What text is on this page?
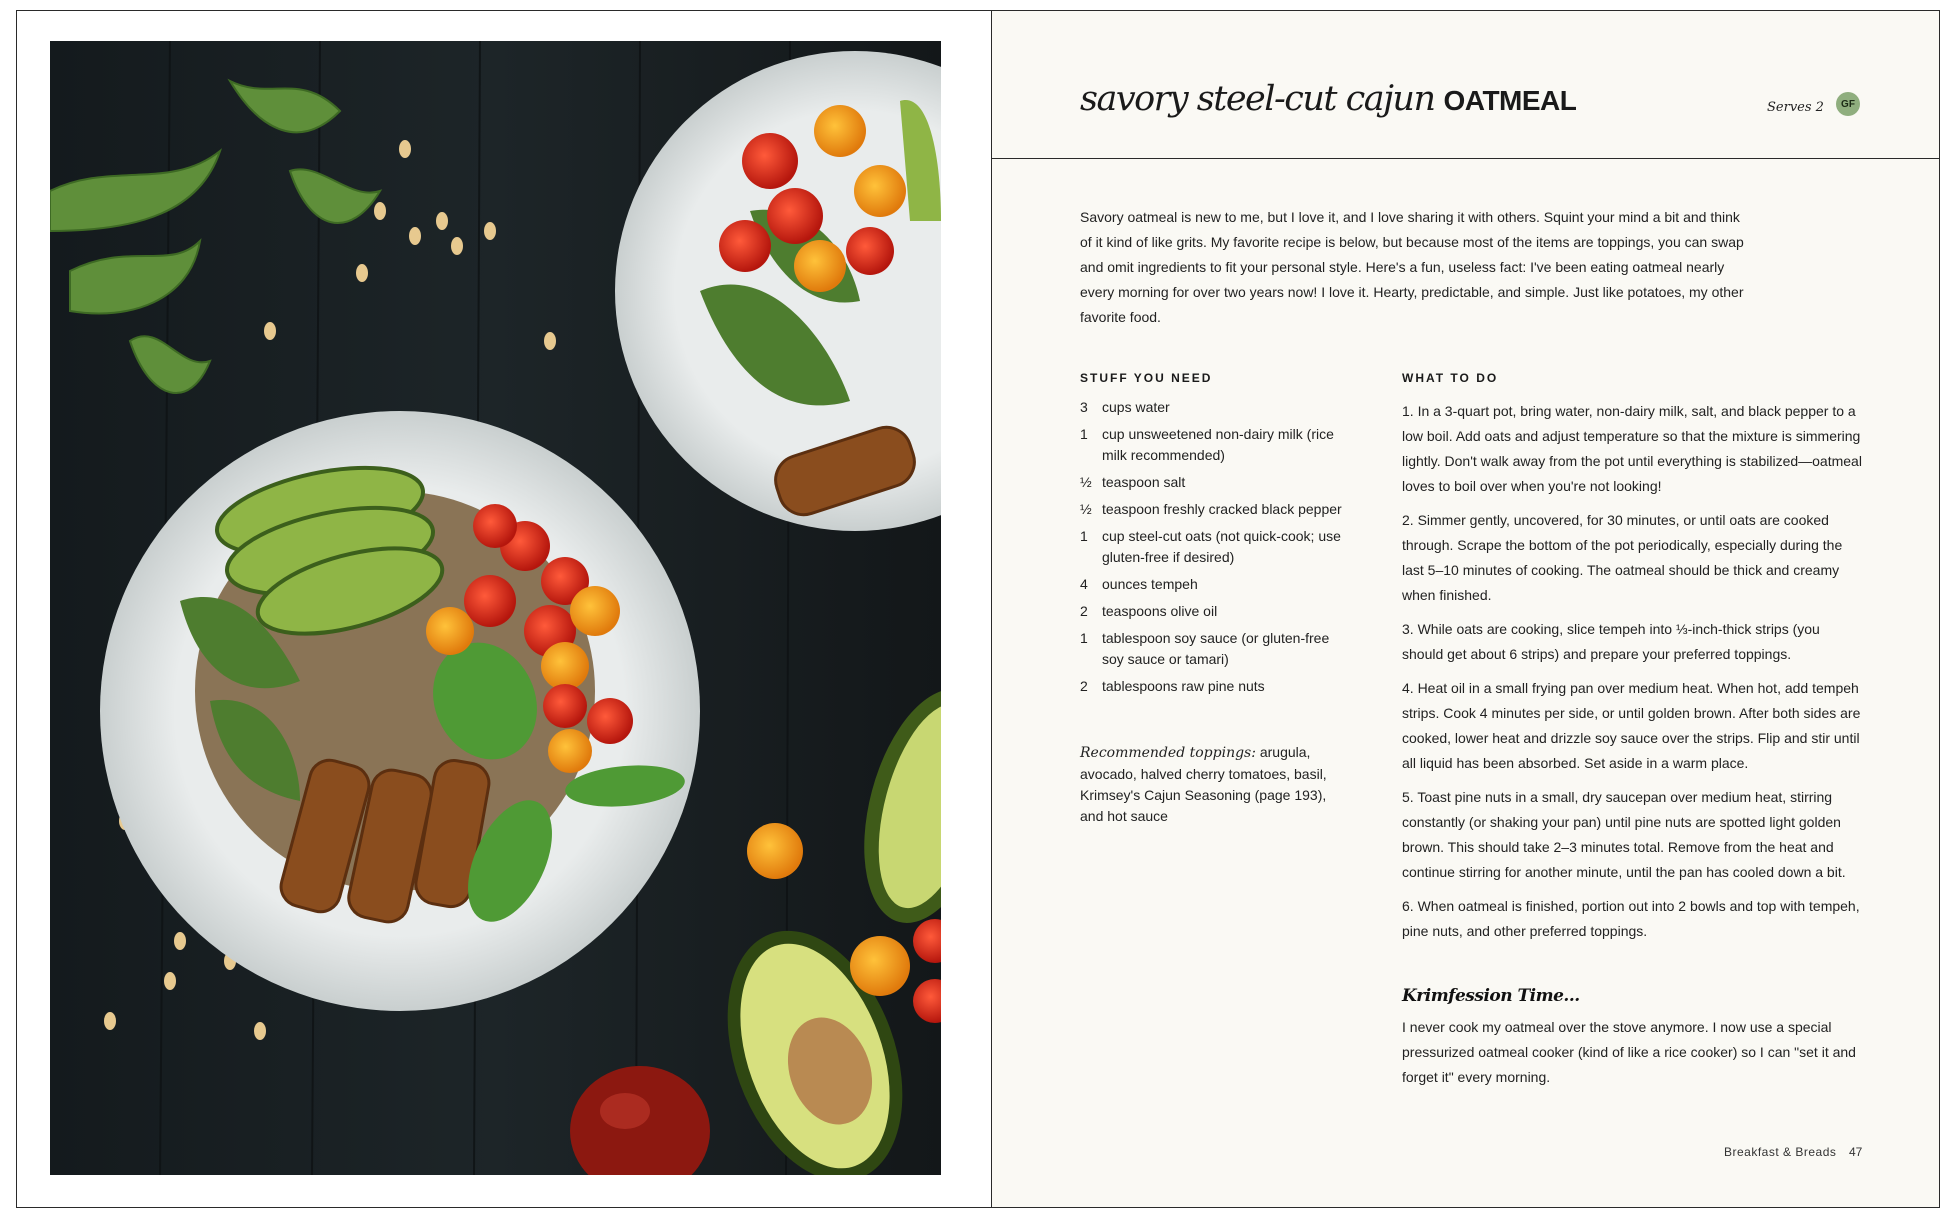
savory steel-cut cajun OATMEAL	Serves 2	GF
Savory oatmeal is new to me, but I love it, and I love sharing it with others. Squint your mind a bit and think of it kind of like grits. My favorite recipe is below, but because most of the items are toppings, you can swap and omit ingredients to fit your personal style. Here's a fun, useless fact: I've been eating oatmeal nearly every morning for over two years now! I love it. Hearty, predictable, and simple. Just like potatoes, my other favorite food.
STUFF YOU NEED
3	cups water
1	cup unsweetened non-dairy milk (rice milk recommended)
½ teaspoon salt
½ teaspoon freshly cracked black pepper
1	cup steel-cut oats (not quick-cook; use gluten-free if desired)
4	ounces tempeh
2	teaspoons olive oil
1	tablespoon soy sauce (or gluten-free soy sauce or tamari)
2	tablespoons raw pine nuts
Recommended toppings: arugula, avocado, halved cherry tomatoes, basil, Krimsey's Cajun Seasoning (page 193), and hot sauce
WHAT TO DO

1. In a 3-quart pot, bring water, non-dairy milk, salt, and black pepper to a low boil. Add oats and adjust temperature so that the mixture is simmering lightly. Don't walk away from the pot until everything is stabilized—oatmeal loves to boil over when you're not looking!

2. Simmer gently, uncovered, for 30 minutes, or until oats are cooked through. Scrape the bottom of the pot periodically, especially during the last 5–10 minutes of cooking. The oatmeal should be thick and creamy when finished.

3. While oats are cooking, slice tempeh into ⅓-inch-thick strips (you should get about 6 strips) and prepare your preferred toppings.

4. Heat oil in a small frying pan over medium heat. When hot, add tempeh strips. Cook 4 minutes per side, or until golden brown. After both sides are cooked, lower heat and drizzle soy sauce over the strips. Flip and stir until all liquid has been absorbed. Set aside in a warm place.

5. Toast pine nuts in a small, dry saucepan over medium heat, stirring constantly (or shaking your pan) until pine nuts are spotted light golden brown. This should take 2–3 minutes total. Remove from the heat and continue stirring for another minute, until the pan has cooled down a bit.

6. When oatmeal is finished, portion out into 2 bowls and top with tempeh, pine nuts, and other preferred toppings.

Krimfession Time...
I never cook my oatmeal over the stove anymore. I now use a special pressurized oatmeal cooker (kind of like a rice cooker) so I can "set it and forget it" every morning.
Breakfast & Breads 47
